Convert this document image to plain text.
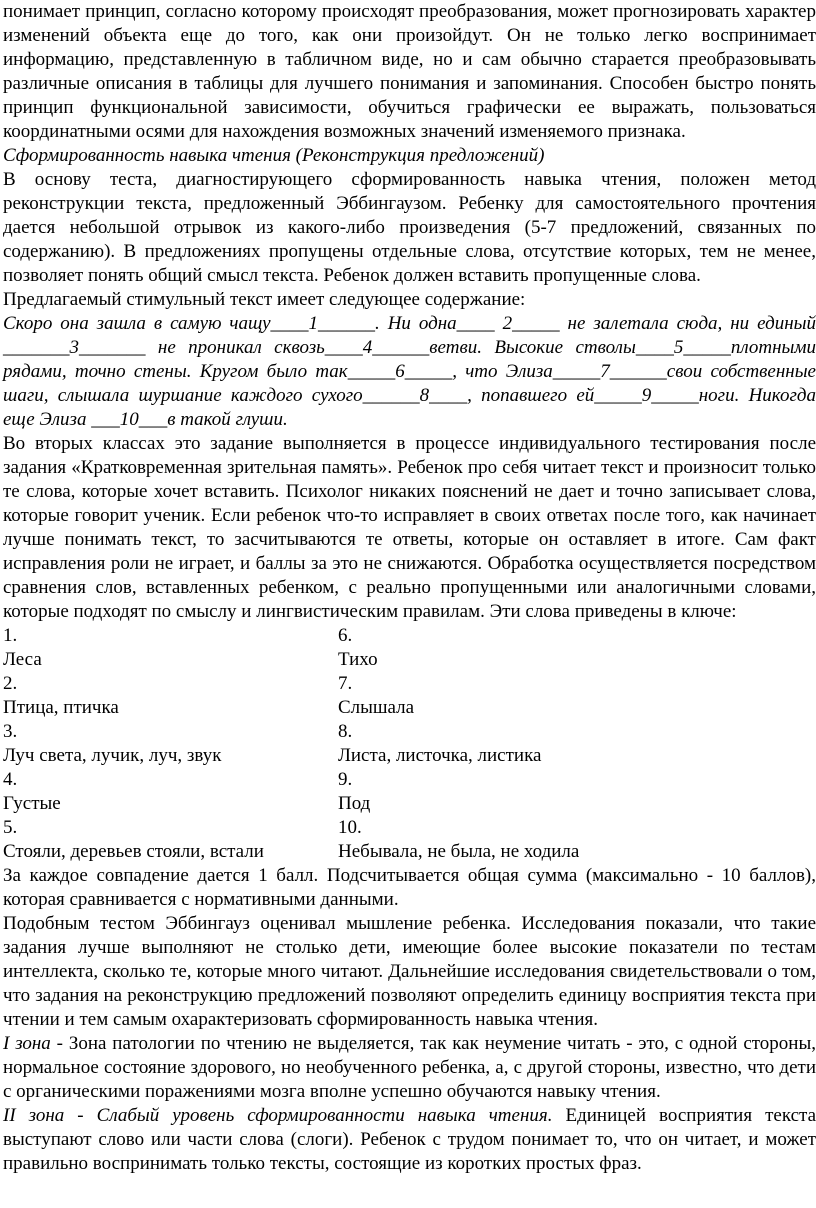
понимает принцип, согласно которому происходят преобразования, может прогнозировать характер изменений объекта еще до того, как они произойдут. Он не только легко воспринимает информацию, представленную в табличном виде, но и сам обычно старается преобразовывать различные описания в таблицы для лучшего понимания и запоминания. Способен быстро понять принцип функциональной зависимости, обучиться графически ее выражать, пользоваться координатными осями для нахождения возможных значений изменяемого признака.

Сформированность навыка чтения (Реконструкция предложений)

В основу теста, диагностирующего сформированность навыка чтения, положен метод реконструкции текста, предложенный Эббингаузом. Ребенку для самостоятельного прочтения дается небольшой отрывок из какого-либо произведения (5-7 предложений, связанных по содержанию). В предложениях пропущены отдельные слова, отсутствие которых, тем не менее, позволяет понять общий смысл текста. Ребенок должен вставить пропущенные слова.

Предлагаемый стимульный текст имеет следующее содержание:

Скоро она зашла в самую чащу____1______. Ни одна____ 2_____ не залетала сюда, ни единый _______3_______ не проникал сквозь____4______ветви. Высокие стволы____5_____плотными рядами, точно стены. Кругом было так_____6_____, что Элиза_____7______свои собственные шаги, слышала шуршание каждого сухого______8____, попавшего ей_____9_____ноги. Никогда еще Элиза ___10___в такой глуши.

Во вторых классах это задание выполняется в процессе индивидуального тестирования после задания «Кратковременная зрительная память». Ребенок про себя читает текст и произносит только те слова, которые хочет вставить. Психолог никаких пояснений не дает и точно записывает слова, которые говорит ученик. Если ребенок что-то исправляет в своих ответах после того, как начинает лучше понимать текст, то засчитываются те ответы, которые он оставляет в итоге. Сам факт исправления роли не играет, и баллы за это не снижаются. Обработка осуществляется посредством сравнения слов, вставленных ребенком, с реально пропущенными или аналогичными словами, которые подходят по смыслу и лингвистическим правилам. Эти слова приведены в ключе:

1.
Леса
6.
Тихо
2.
Птица, птичка
7.
Слышала
3.
Луч света, лучик, луч, звук
8.
Листа, листочка, листика
4.
Густые
9.
Под
5.
Стояли, деревьев стояли, встали
10.
Небывала, не была, не ходила

За каждое совпадение дается 1 балл. Подсчитывается общая сумма (максимально - 10 баллов), которая сравнивается с нормативными данными.

Подобным тестом Эббингауз оценивал мышление ребенка. Исследования показали, что такие задания лучше выполняют не столько дети, имеющие более высокие показатели по тестам интеллекта, сколько те, которые много читают. Дальнейшие исследования свидетельствовали о том, что задания на реконструкцию предложений позволяют определить единицу восприятия текста при чтении и тем самым охарактеризовать сформированность навыка чтения.

I зона - Зона патологии по чтению не выделяется, так как неумение читать - это, с одной стороны, нормальное состояние здорового, но необученного ребенка, а, с другой стороны, известно, что дети с органическими поражениями мозга вполне успешно обучаются навыку чтения.

II зона - Слабый уровень сформированности навыка чтения. Единицей восприятия текста выступают слово или части слова (слоги). Ребенок с трудом понимает то, что он читает, и может правильно воспринимать только тексты, состоящие из коротких простых фраз.
